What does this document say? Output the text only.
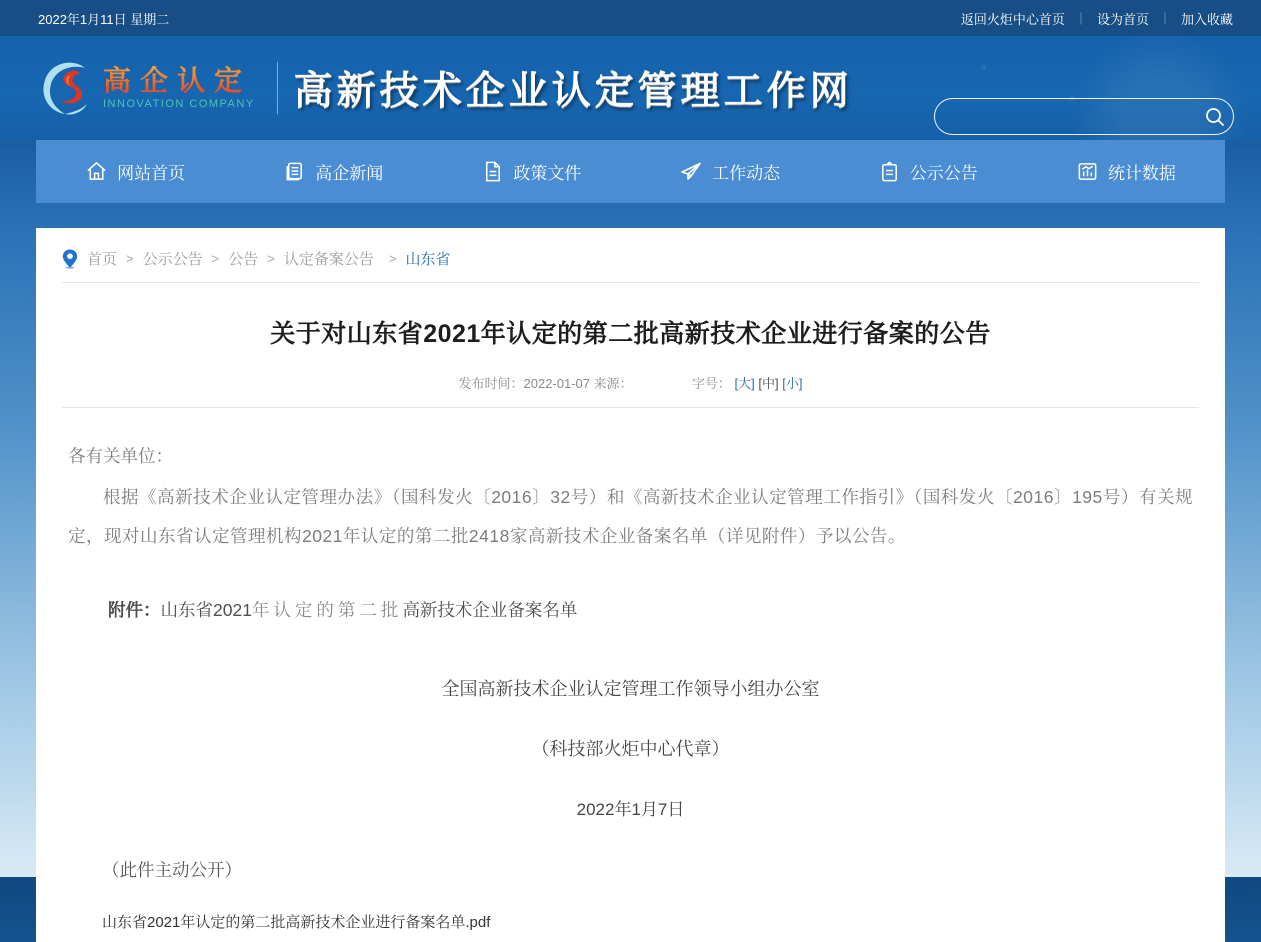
2022年1月11日 星期二	返回火炬中心首页 ｜ 设为首页 ｜ 加入收藏
高企认定
INNOVATION COMPANY 高新技术企业认定管理工作网
网站首页	高企新闻	政策文件	工作动态	公示公告	统计数据
首页 > 公示公告 > 公告 > 认定备案公告 > 山东省
关于对山东省2021年认定的第二批高新技术企业进行备案的公告
发布时间：2022-01-07 来源：	字号： [大] [中] [小]
各有关单位：
根据《高新技术企业认定管理办法》（国科发火〔2016〕32号）和《高新技术企业认定管理工作指引》（国科发火〔2016〕195号）有关规定，现对山东省认定管理机构2021年认定的第二批2418家高新技术企业备案名单（详见附件）予以公告。
附件：山东省2021年认定的第二批高新技术企业备案名单
全国高新技术企业认定管理工作领导小组办公室
（科技部火炬中心代章）
2022年1月7日
（此件主动公开）
山东省2021年认定的第二批高新技术企业进行备案名单.pdf
